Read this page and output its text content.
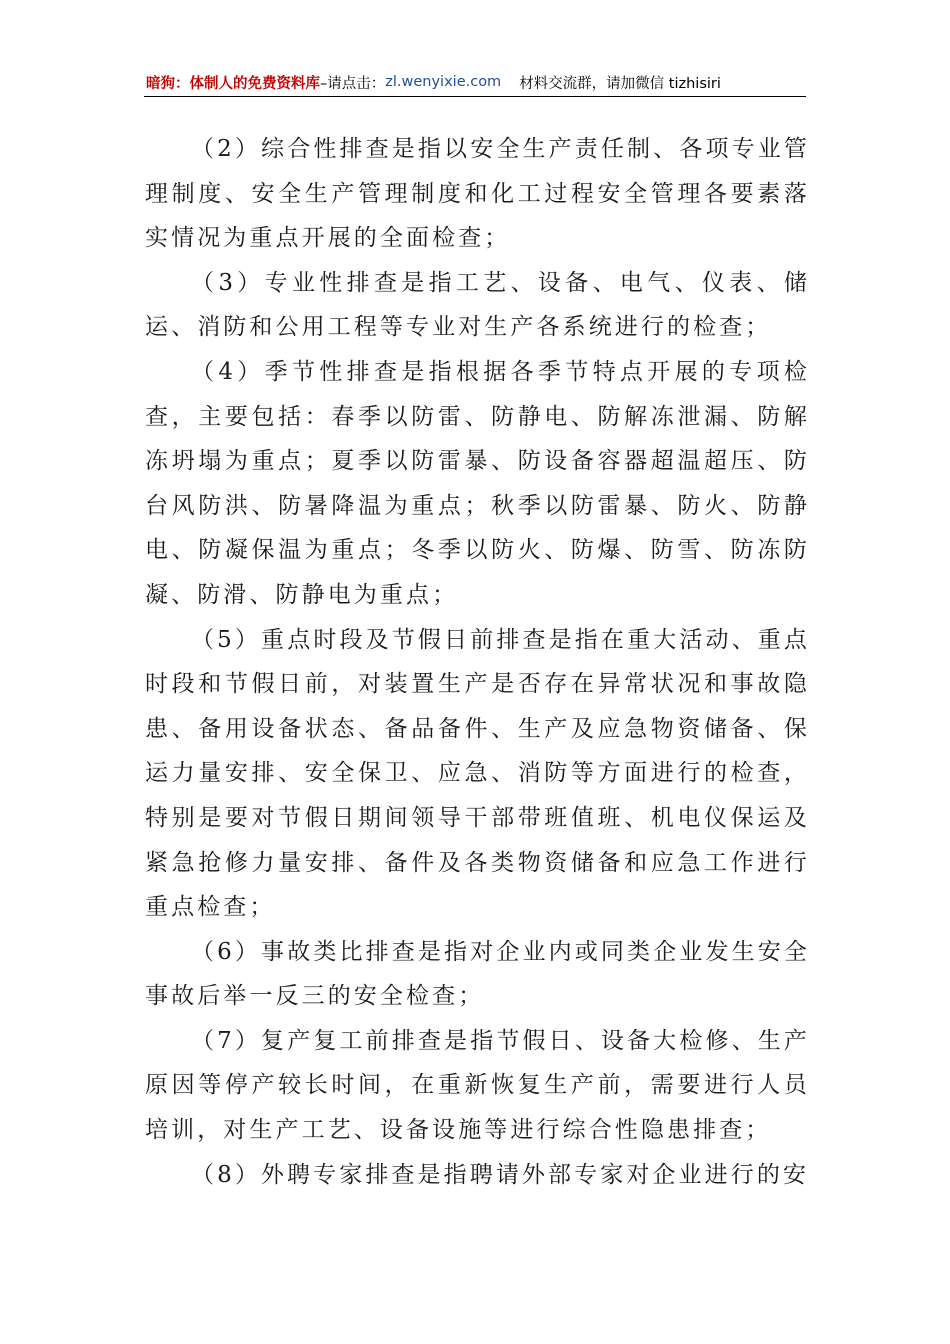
暗狗：体制人的免费资料库 –请点击： zl.wenyixie.com 材料交流群，请加微信 tizhisiri

（2）综合性排查是指以安全生产责任制、各项专业管理制度、安全生产管理制度和化工过程安全管理各要素落实情况为重点开展的全面检查；

（3）专业性排查是指工艺、设备、电气、仪表、储运、消防和公用工程等专业对生产各系统进行的检查；

（4）季节性排查是指根据各季节特点开展的专项检查，主要包括：春季以防雷、防静电、防解冻泄漏、防解冻坍塌为重点；夏季以防雷暴、防设备容器超温超压、防台风防洪、防暑降温为重点；秋季以防雷暴、防火、防静电、防凝保温为重点；冬季以防火、防爆、防雪、防冻防凝、防滑、防静电为重点；

（5）重点时段及节假日前排查是指在重大活动、重点时段和节假日前，对装置生产是否存在异常状况和事故隐患、备用设备状态、备品备件、生产及应急物资储备、保运力量安排、安全保卫、应急、消防等方面进行的检查，特别是要对节假日期间领导干部带班值班、机电仪保运及紧急抢修力量安排、备件及各类物资储备和应急工作进行重点检查；

（6）事故类比排查是指对企业内或同类企业发生安全事故后举一反三的安全检查；

（7）复产复工前排查是指节假日、设备大检修、生产原因等停产较长时间，在重新恢复生产前，需要进行人员培训，对生产工艺、设备设施等进行综合性隐患排查；

（8）外聘专家排查是指聘请外部专家对企业进行的安
